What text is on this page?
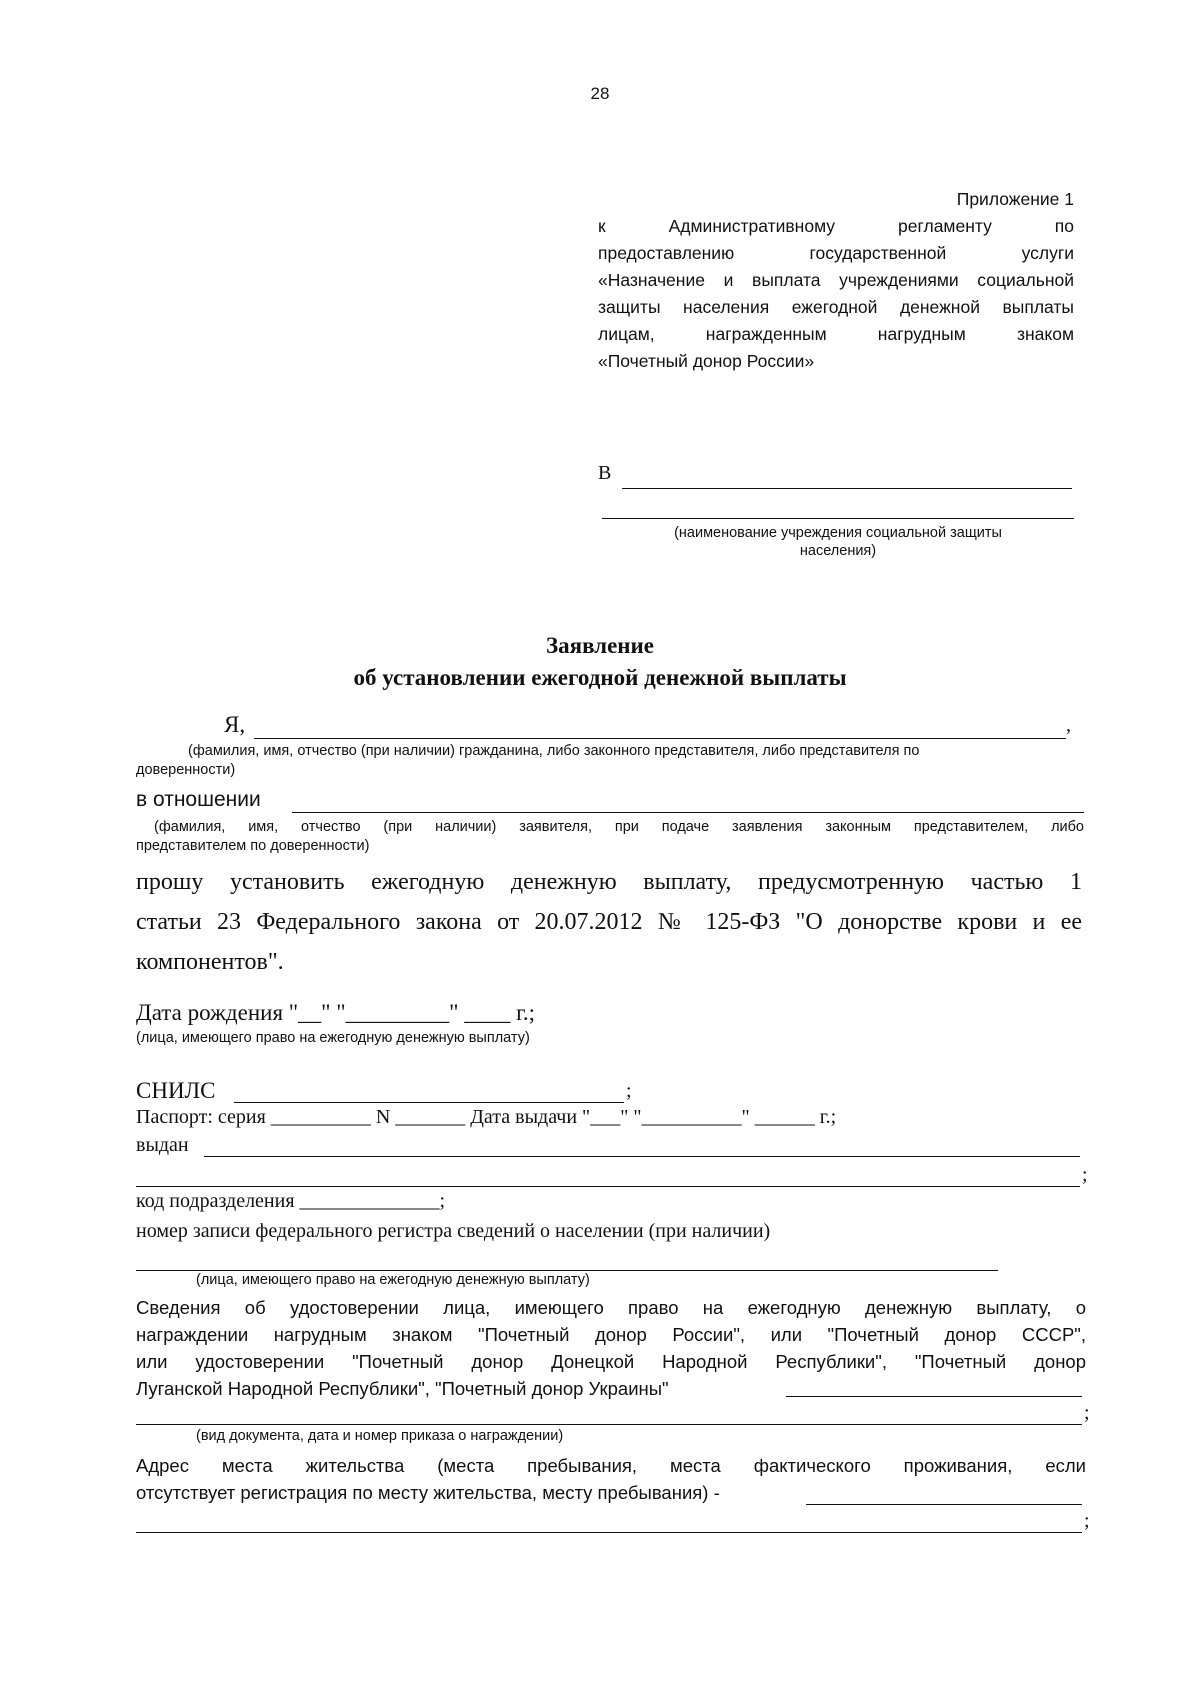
28
Приложение 1
к Административному регламенту по
предоставлению государственной услуги
«Назначение и выплата учреждениями социальной
защиты населения ежегодной денежной выплаты
лицам, награжденным нагрудным знаком
«Почетный донор России»
В
(наименование учреждения социальной защиты
населения)
Заявление
об установлении ежегодной денежной выплаты
Я,	,
(фамилия, имя, отчество (при наличии) гражданина, либо законного представителя, либо представителя по
доверенности)
в отношении
(фамилия, имя, отчество (при наличии) заявителя, при подаче заявления законным представителем, либо
представителем по доверенности)
прошу установить ежегодную денежную выплату, предусмотренную частью 1
статьи 23 Федерального закона от 20.07.2012 № 125-ФЗ "О донорстве крови и ее
компонентов".
Дата рождения "__" "_________" ____ г.;
(лица, имеющего право на ежегодную денежную выплату)
СНИЛС	;
Паспорт: серия __________ N _______ Дата выдачи "___" "__________" ______ г.;
выдан
;
код подразделения ______________;
номер записи федерального регистра сведений о населении (при наличии)
(лица, имеющего право на ежегодную денежную выплату)
Сведения об удостоверении лица, имеющего право на ежегодную денежную выплату, о
награждении нагрудным знаком "Почетный донор России", или "Почетный донор СССР",
или удостоверении "Почетный донор Донецкой Народной Республики", "Почетный донор
Луганской Народной Республики", "Почетный донор Украины"
;
(вид документа, дата и номер приказа о награждении)
Адрес места жительства (места пребывания, места фактического проживания, если
отсутствует регистрация по месту жительства, месту пребывания) -
;
